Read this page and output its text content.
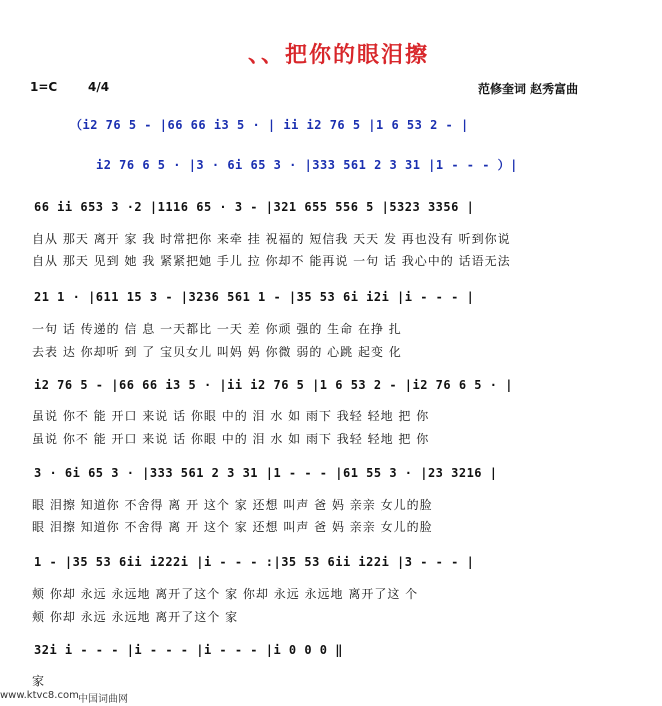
、、把你的眼泪擦
1=C	4/4	范修奎词 赵秀富曲
（i2 76 5 - |66 66 i3 5 · | ii i2 76 5 |1 6 53 2 - |
i2 76 6 5 · |3 · 6i 65 3 · |333 561 2 3 31 |1 - - - ）|
66 ii 653 3 ·2 |1116 65 · 3 - |321 655 556 5 |5323 3356 |
自从 那天 离开 家 我 时常把你 来牵 挂 祝福的 短信我 天天 发 再也没有 听到你说
自从 那天 见到 她 我 紧紧把她 手儿 拉 你却不 能再说 一句 话 我心中的 话语无法
21 1 · |611 15 3 - |3236 561 1 - |35 53 6i i2i |i - - - |
一句 话 传递的 信 息 一天都比 一天 差 你顽 强的 生命 在挣 扎
去表 达 你却听 到 了 宝贝女儿 叫妈 妈 你微 弱的 心跳 起变 化
i2 76 5 - |66 66 i3 5 · |ii i2 76 5 |1 6 53 2 - |i2 76 6 5 · |
虽说 你不 能 开口 来说 话 你眼 中的 泪 水 如 雨下 我轻 轻地 把 你
虽说 你不 能 开口 来说 话 你眼 中的 泪 水 如 雨下 我轻 轻地 把 你
3 · 6i 65 3 · |333 561 2 3 31 |1 - - - |61 55 3 · |23 3216 |
眼 泪擦 知道你 不舍得 离 开 这个 家 还想 叫声 爸 妈 亲亲 女儿的脸
眼 泪擦 知道你 不舍得 离 开 这个 家 还想 叫声 爸 妈 亲亲 女儿的脸
1 - |35 53 6ii i222i |i - - - :|35 53 6ii i22i |3 - - - |
颊 你却 永远 永远地 离开了这个 家 你却 永远 永远地 离开了这 个
颊 你却 永远 永远地 离开了这个 家
32i i - - - |i - - - |i - - - |i 0 0 0 ‖
家
www.ktvc8.com 中国词曲网
